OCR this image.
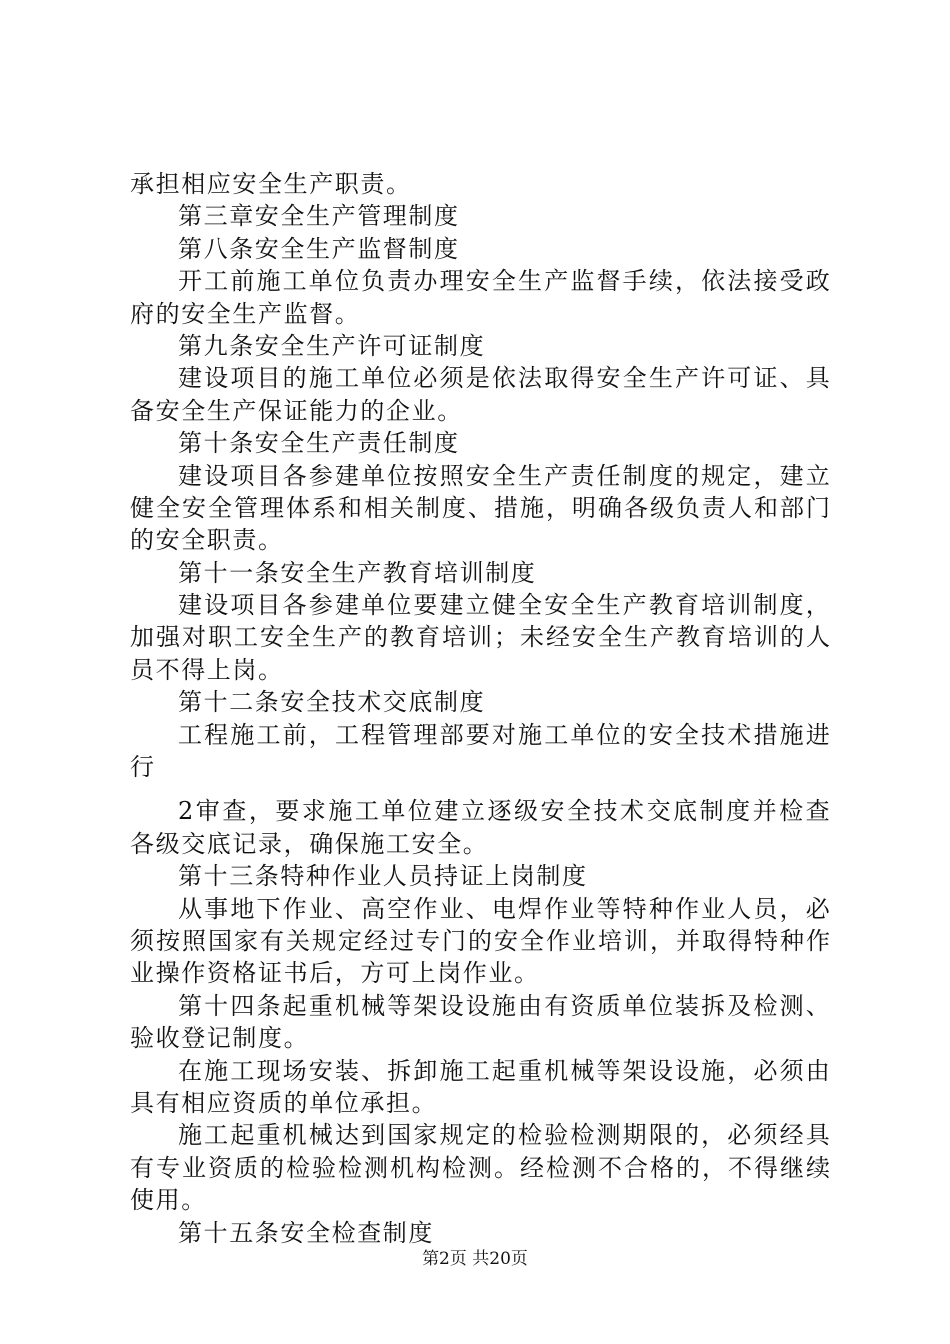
承担相应安全生产职责。
第三章安全生产管理制度
第八条安全生产监督制度
开 工 前 施 工 单 位 负 责 办 理 安 全 生 产 监 督 手 续 ， 依 法 接 受 政
府的安全生产监督。
第九条安全生产许可证制度
建 设 项 目 的 施 工 单 位 必 须 是 依 法 取 得 安 全 生 产 许 可 证 、 具
备安全生产保证能力的企业。
第十条安全生产责任制度
建 设 项 目 各 参 建 单 位 按 照 安 全 生 产 责 任 制 度 的 规 定 ， 建 立
健 全 安 全 管 理 体 系 和 相 关 制 度 、 措 施 ， 明 确 各 级 负 责 人 和 部 门
的安全职责。
第十一条安全生产教育培训制度
建 设 项 目 各 参 建 单 位 要 建 立 健 全 安 全 生 产 教 育 培 训 制 度 ，
加 强 对 职 工 安 全 生 产 的 教 育 培 训 ； 未 经 安 全 生 产 教 育 培 训 的 人
员不得上岗。
第十二条安全技术交底制度
工 程 施 工 前 ， 工 程 管 理 部 要 对 施 工 单 位 的 安 全 技 术 措 施 进
行
2 审 查 ， 要 求 施 工 单 位 建 立 逐 级 安 全 技 术 交 底 制 度 并 检 查
各级交底记录，确保施工安全。
第十三条特种作业人员持证上岗制度
从 事 地 下 作 业 、 高 空 作 业 、 电 焊 作 业 等 特 种 作 业 人 员 ， 必
须 按 照 国 家 有 关 规 定 经 过 专 门 的 安 全 作 业 培 训 ， 并 取 得 特 种 作
业操作资格证书后，方可上岗作业。
第 十 四 条 起 重 机 械 等 架 设 设 施 由 有 资 质 单 位 装 拆 及 检 测 、
验收登记制度。
在 施 工 现 场 安 装 、 拆 卸 施 工 起 重 机 械 等 架 设 设 施 ， 必 须 由
具有相应资质的单位承担。
施 工 起 重 机 械 达 到 国 家 规 定 的 检 验 检 测 期 限 的 ， 必 须 经 具
有 专 业 资 质 的 检 验 检 测 机 构 检 测 。 经 检 测 不 合 格 的 ， 不 得 继 续
使用。
第十五条安全检查制度
第2页 共20页
